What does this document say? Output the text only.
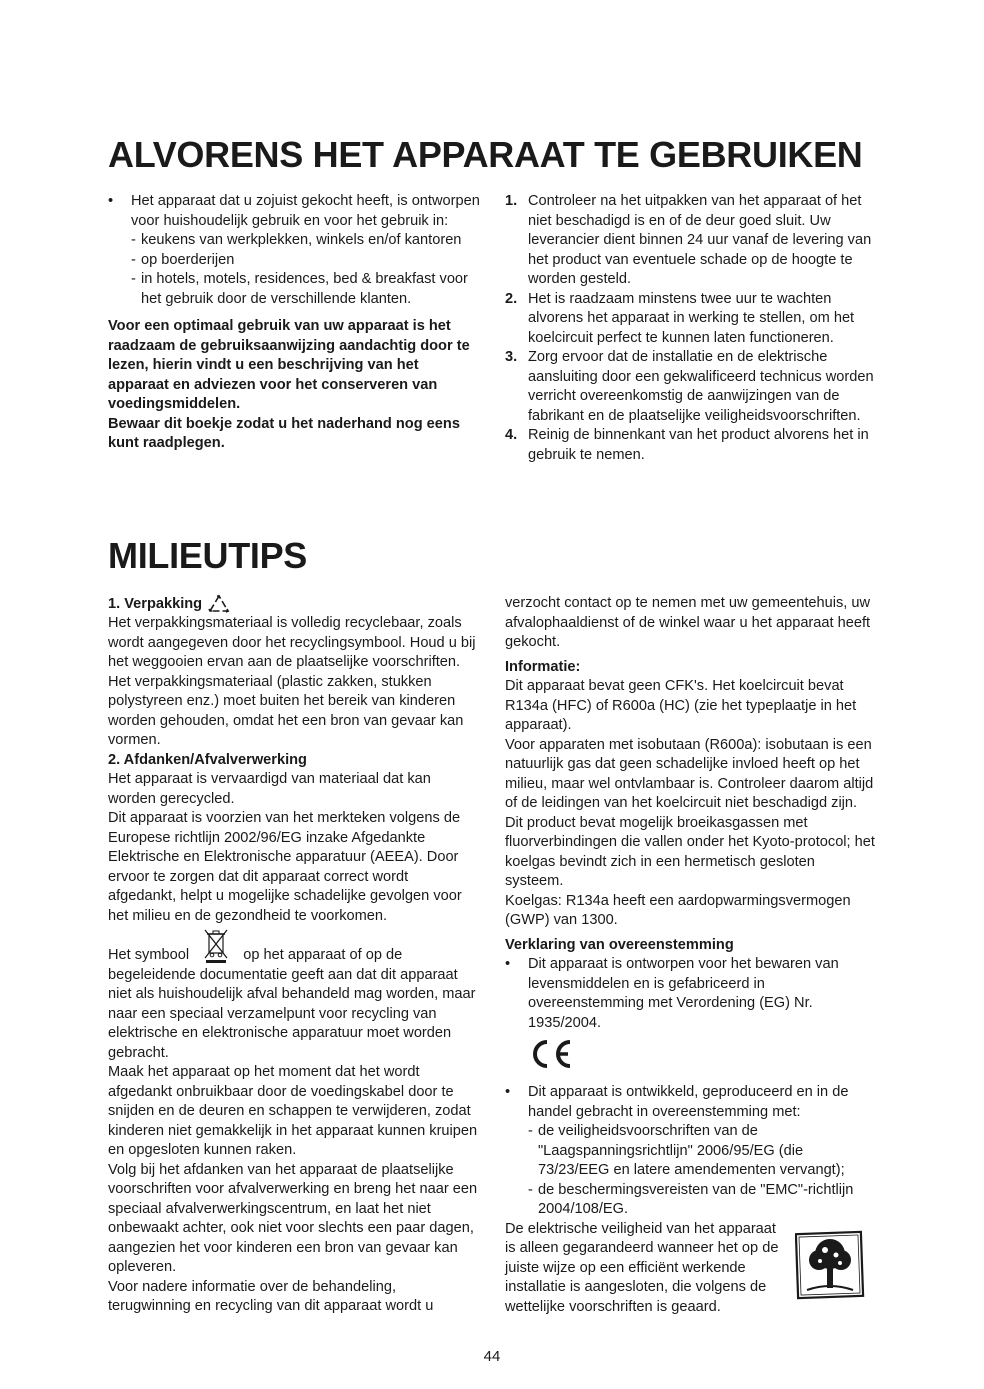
ALVORENS HET APPARAAT TE GEBRUIKEN
• Het apparaat dat u zojuist gekocht heeft, is ontworpen voor huishoudelijk gebruik en voor het gebruik in:

- keukens van werkplekken, winkels en/of kantoren
- op boerderijen
- in hotels, motels, residences, bed & breakfast voor het gebruik door de verschillende klanten.

Voor een optimaal gebruik van uw apparaat is het raadzaam de gebruiksaanwijzing aandachtig door te lezen, hierin vindt u een beschrijving van het apparaat en adviezen voor het conserveren van voedingsmiddelen.

Bewaar dit boekje zodat u het naderhand nog eens kunt raadplegen.

1. Controleer na het uitpakken van het apparaat of het niet beschadigd is en of de deur goed sluit. Uw leverancier dient binnen 24 uur vanaf de levering van het product van eventuele schade op de hoogte te worden gesteld.

2. Het is raadzaam minstens twee uur te wachten alvorens het apparaat in werking te stellen, om het koelcircuit perfect te kunnen laten functioneren.

3. Zorg ervoor dat de installatie en de elektrische aansluiting door een gekwalificeerd technicus worden verricht overeenkomstig de aanwijzingen van de fabrikant en de plaatselijke veiligheidsvoorschriften.

4. Reinig de binnenkant van het product alvorens het in gebruik te nemen.

MILIEUTIPS

1. Verpakking

Het verpakkingsmateriaal is volledig recyclebaar, zoals wordt aangegeven door het recyclingsymbool. Houd u bij het weggooien ervan aan de plaatselijke voorschriften. Het verpakkingsmateriaal (plastic zakken, stukken polystyreen enz.) moet buiten het bereik van kinderen worden gehouden, omdat het een bron van gevaar kan vormen.

2. Afdanken/Afvalverwerking

Het apparaat is vervaardigd van materiaal dat kan worden gerecycled.

Dit apparaat is voorzien van het merkteken volgens de Europese richtlijn 2002/96/EG inzake Afgedankte Elektrische en Elektronische apparatuur (AEEA). Door ervoor te zorgen dat dit apparaat correct wordt afgedankt, helpt u mogelijke schadelijke gevolgen voor het milieu en de gezondheid te voorkomen.

Het symbool	op het apparaat of op de begeleidende documentatie geeft aan dat dit apparaat niet als huishoudelijk afval behandeld mag worden, maar naar een speciaal verzamelpunt voor recycling van elektrische en elektronische apparatuur moet worden gebracht.

Maak het apparaat op het moment dat het wordt afgedankt onbruikbaar door de voedingskabel door te snijden en de deuren en schappen te verwijderen, zodat kinderen niet gemakkelijk in het apparaat kunnen kruipen en opgesloten kunnen raken.

Volg bij het afdanken van het apparaat de plaatselijke voorschriften voor afvalverwerking en breng het naar een speciaal afvalverwerkingscentrum, en laat het niet onbewaakt achter, ook niet voor slechts een paar dagen, aangezien het voor kinderen een bron van gevaar kan opleveren.

Voor nadere informatie over de behandeling, terugwinning en recycling van dit apparaat wordt u

verzocht contact op te nemen met uw gemeentehuis, uw afvalophaaldienst of de winkel waar u het apparaat heeft gekocht.

Informatie:

Dit apparaat bevat geen CFK's. Het koelcircuit bevat R134a (HFC) of R600a (HC) (zie het typeplaatje in het apparaat).

Voor apparaten met isobutaan (R600a): isobutaan is een natuurlijk gas dat geen schadelijke invloed heeft op het milieu, maar wel ontvlambaar is. Controleer daarom altijd of de leidingen van het koelcircuit niet beschadigd zijn.

Dit product bevat mogelijk broeikasgassen met fluorverbindingen die vallen onder het Kyoto-protocol; het koelgas bevindt zich in een hermetisch gesloten systeem.

Koelgas: R134a heeft een aardopwarmingsvermogen (GWP) van 1300.

Verklaring van overeenstemming

• Dit apparaat is ontworpen voor het bewaren van levensmiddelen en is gefabriceerd in overeenstemming met Verordening (EG) Nr. 1935/2004.

• Dit apparaat is ontwikkeld, geproduceerd en in de handel gebracht in overeenstemming met:

- de veiligheidsvoorschriften van de "Laagspanningsrichtlijn" 2006/95/EG (die 73/23/EEG en latere amendementen vervangt);
- de beschermingsvereisten van de "EMC"-richtlijn 2004/108/EG.

De elektrische veiligheid van het apparaat is alleen gegarandeerd wanneer het op de juiste wijze op een efficiënt werkende installatie is aangesloten, die volgens de wettelijke voorschriften is geaard.

44
